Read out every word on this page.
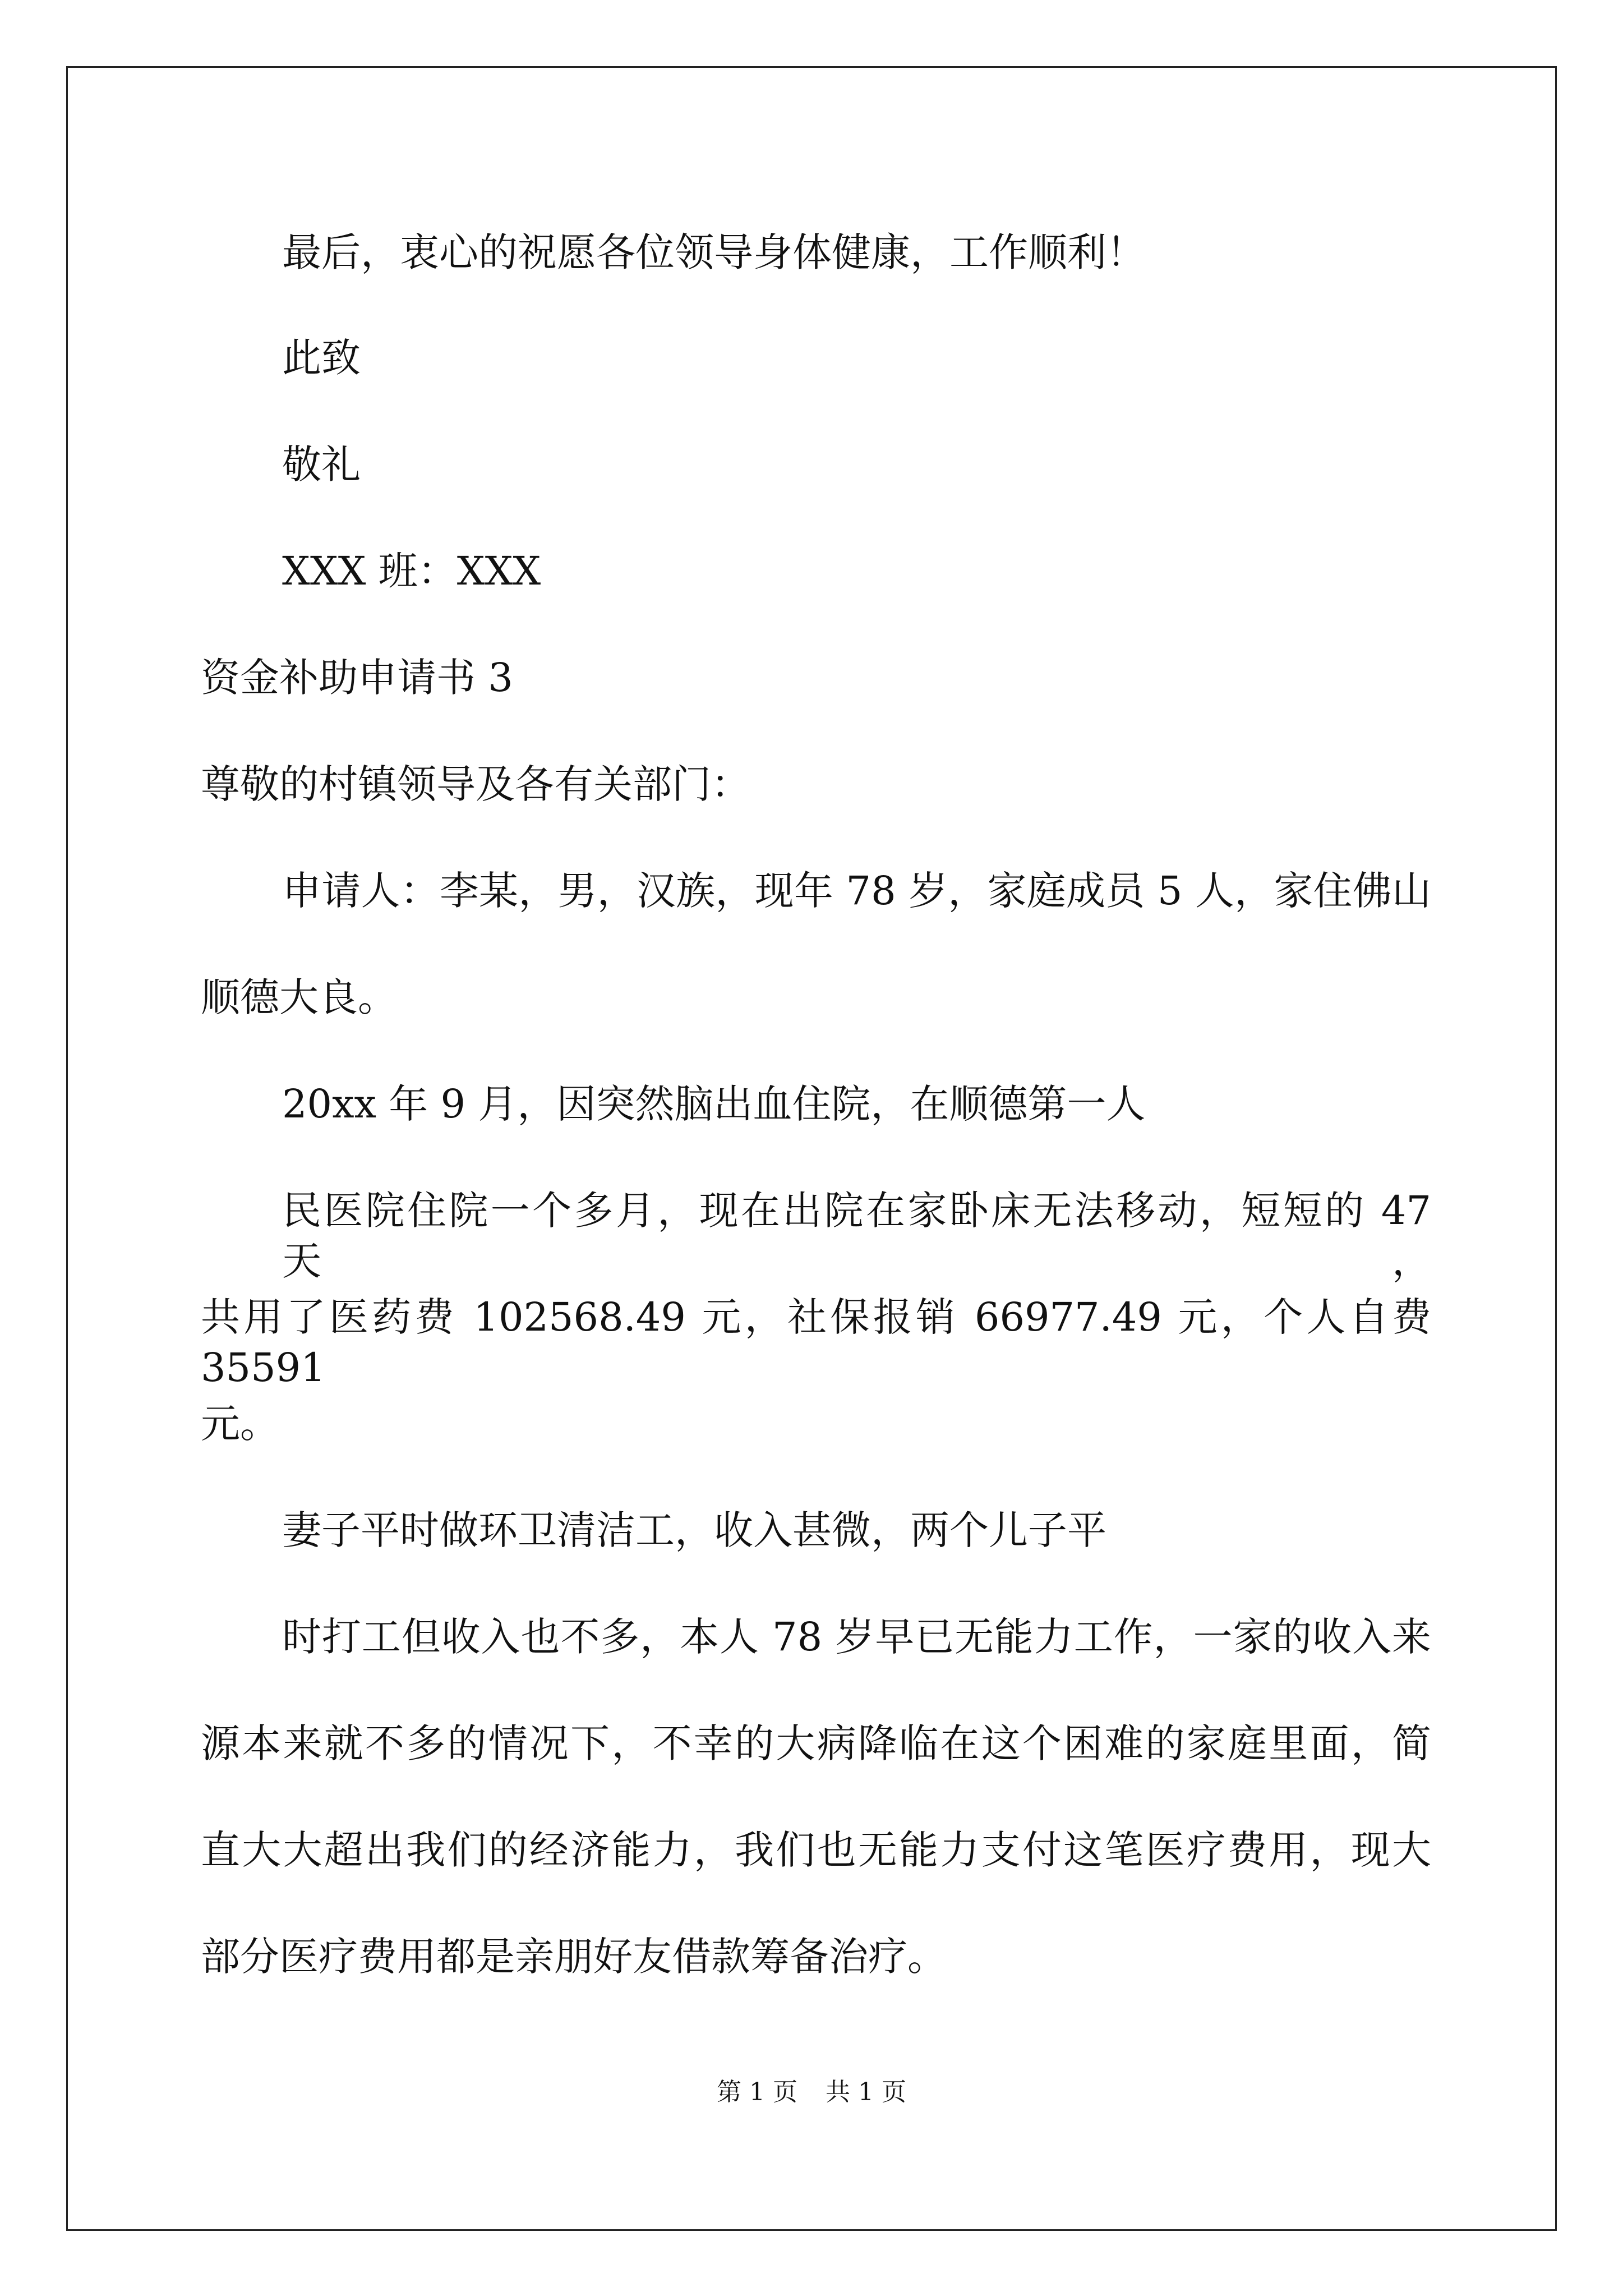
最后，衷心的祝愿各位领导身体健康，工作顺利！

此致

敬礼

XXX 班：XXX

资金补助申请书 3

尊敬的村镇领导及各有关部门：

申请人：李某，男，汉族，现年 78 岁，家庭成员 5 人，家住佛山

顺德大良。

20xx 年 9 月，因突然脑出血住院，在顺德第一人

民医院住院一个多月，现在出院在家卧床无法移动，短短的 47 天，

共用了医药费 102568.49 元，社保报销 66977.49 元，个人自费 35591

元。

妻子平时做环卫清洁工，收入甚微，两个儿子平

时打工但收入也不多，本人 78 岁早已无能力工作，一家的收入来

源本来就不多的情况下，不幸的大病降临在这个困难的家庭里面，简

直大大超出我们的经济能力，我们也无能力支付这笔医疗费用，现大

部分医疗费用都是亲朋好友借款筹备治疗。

第 1 页 共 1 页
